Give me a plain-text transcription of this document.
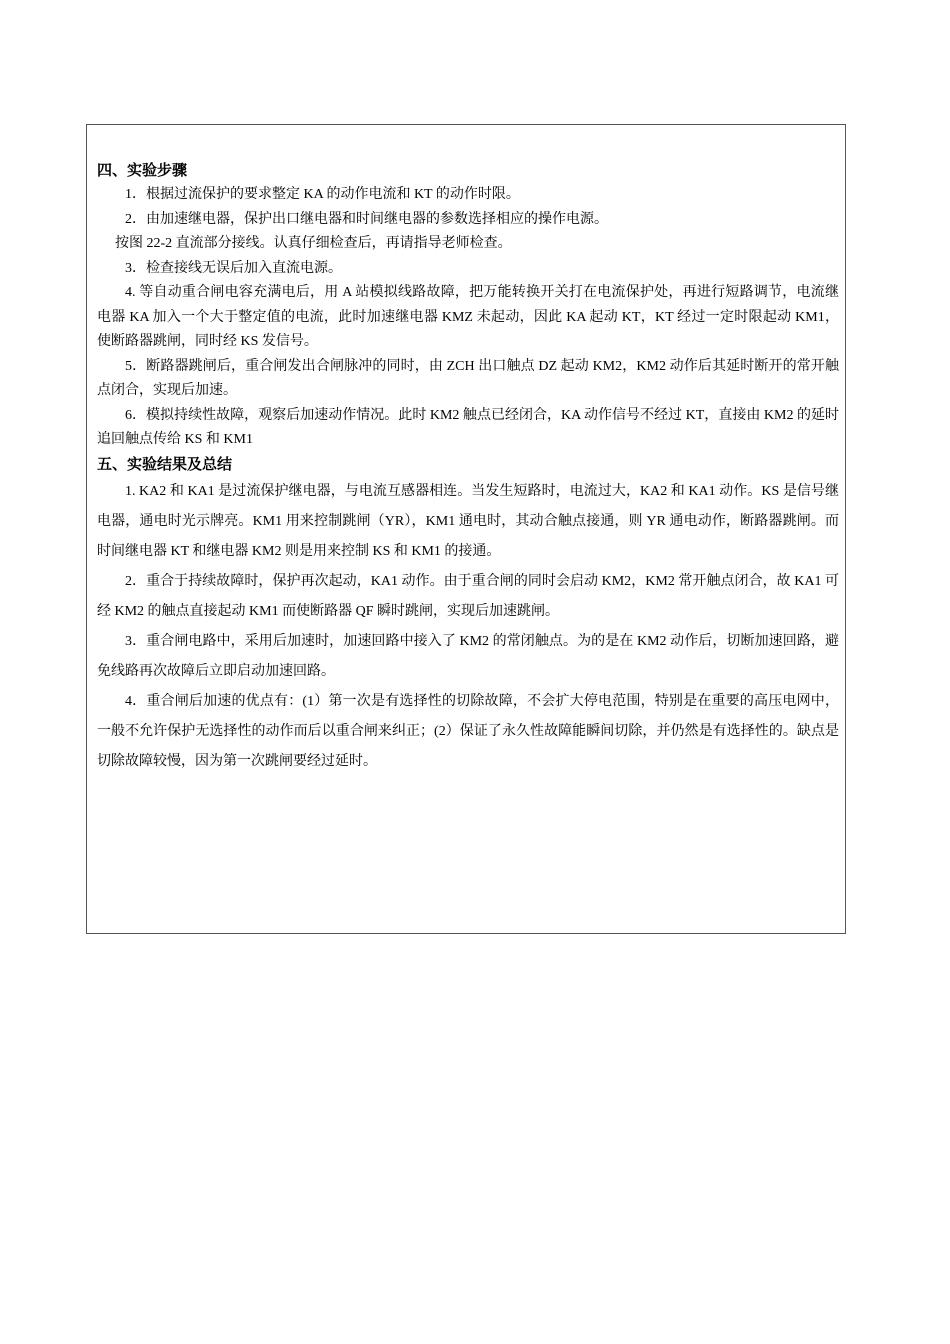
四、实验步骤

1．根据过流保护的要求整定 KA 的动作电流和 KT 的动作时限。

2．由加速继电器，保护出口继电器和时间继电器的参数选择相应的操作电源。

按图 22-2 直流部分接线。认真仔细检查后，再请指导老师检查。

3．检查接线无误后加入直流电源。

4. 等自动重合闸电容充满电后，用 A 站模拟线路故障，把万能转换开关打在电流保护处，再进行短路调节，电流继电器 KA 加入一个大于整定值的电流，此时加速继电器 KMZ 未起动，因此 KA 起动 KT，KT 经过一定时限起动 KM1，使断路器跳闸，同时经 KS 发信号。

5．断路器跳闸后，重合闸发出合闸脉冲的同时，由 ZCH 出口触点 DZ 起动 KM2，KM2 动作后其延时断开的常开触点闭合，实现后加速。

6．模拟持续性故障，观察后加速动作情况。此时 KM2 触点已经闭合，KA 动作信号不经过 KT，直接由 KM2 的延时追回触点传给 KS 和 KM1

五、实验结果及总结

1. KA2 和 KA1 是过流保护继电器，与电流互感器相连。当发生短路时，电流过大，KA2 和 KA1 动作。KS 是信号继电器，通电时光示牌亮。KM1 用来控制跳闸（YR），KM1 通电时，其动合触点接通，则 YR 通电动作，断路器跳闸。而时间继电器 KT 和继电器 KM2 则是用来控制 KS 和 KM1 的接通。

2．重合于持续故障时，保护再次起动，KA1 动作。由于重合闸的同时会启动 KM2，KM2 常开触点闭合，故 KA1 可经 KM2 的触点直接起动 KM1 而使断路器 QF 瞬时跳闸，实现后加速跳闸。

3．重合闸电路中，采用后加速时，加速回路中接入了 KM2 的常闭触点。为的是在 KM2 动作后，切断加速回路，避免线路再次故障后立即启动加速回路。

4．重合闸后加速的优点有：(1）第一次是有选择性的切除故障，不会扩大停电范围，特别是在重要的高压电网中，一般不允许保护无选择性的动作而后以重合闸来纠正；(2）保证了永久性故障能瞬间切除，并仍然是有选择性的。缺点是切除故障较慢，因为第一次跳闸要经过延时。
